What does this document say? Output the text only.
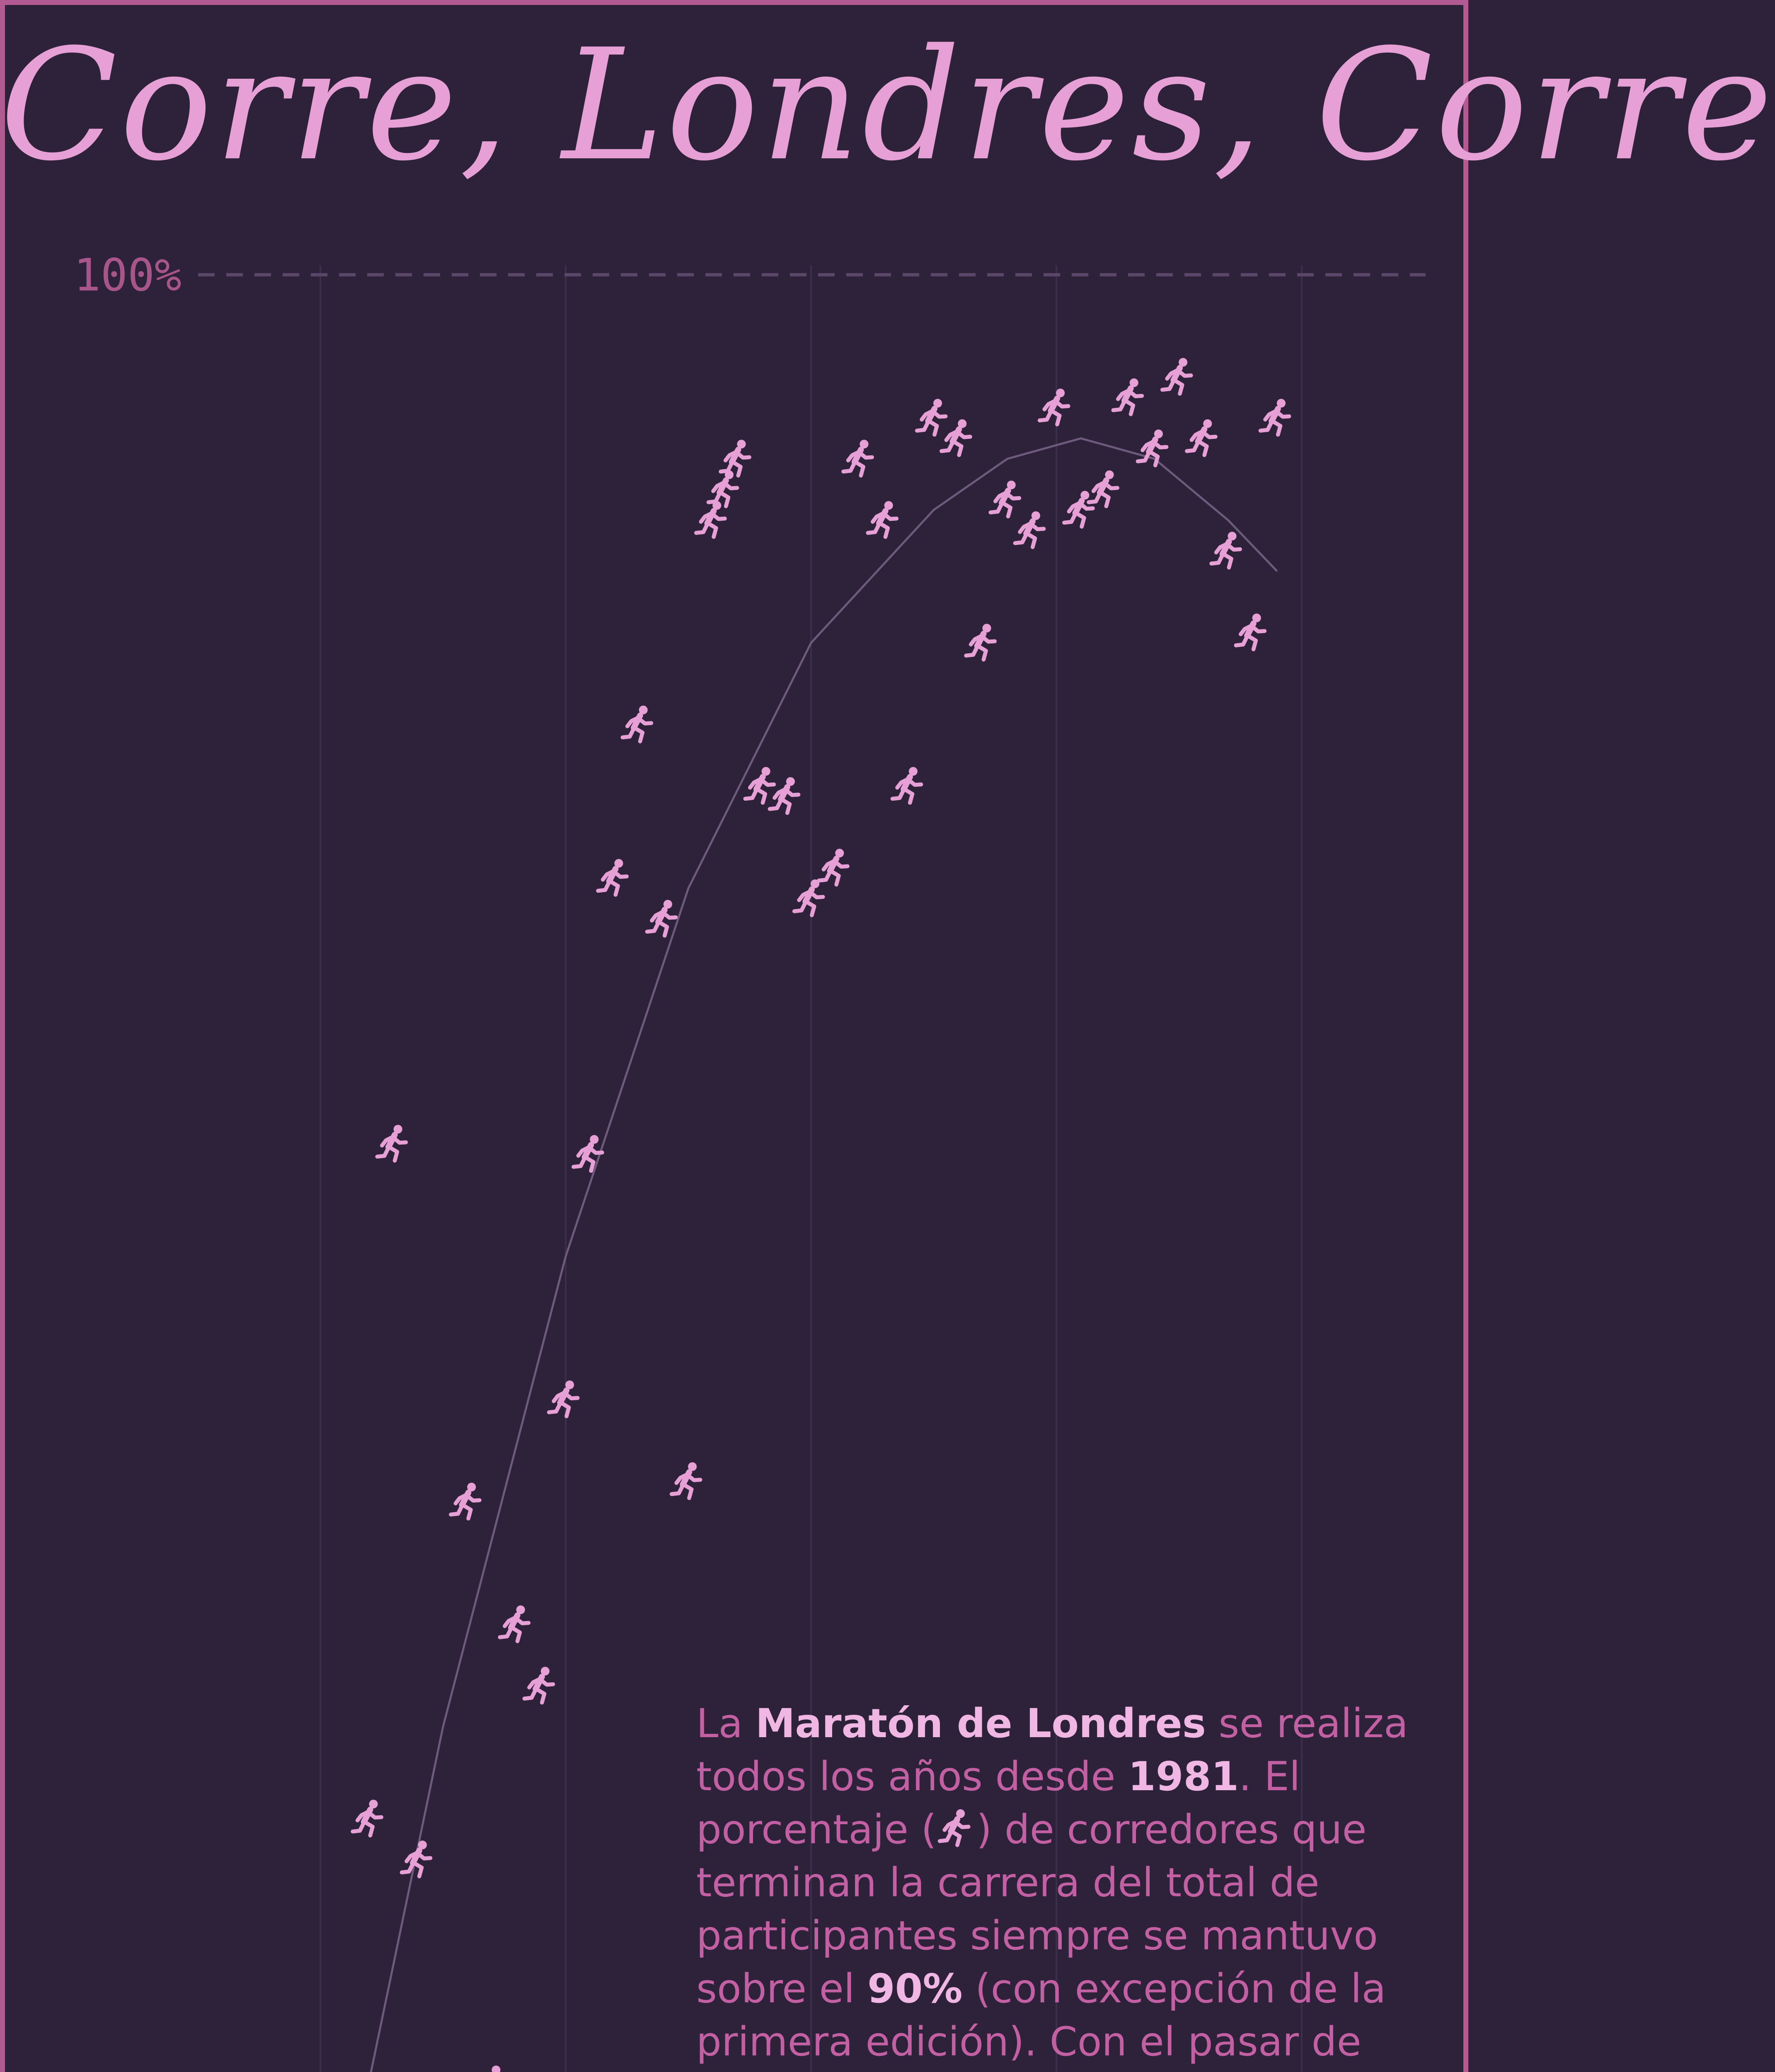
Corre, Londres, Corre
100%
La Maratón de Londres se realiza todos los años desde 1981. El porcentaje ( ) de corredores que terminan la carrera del total de participantes siempre se mantuvo sobre el 90% (con excepción de la primera edición). Con el pasar de
